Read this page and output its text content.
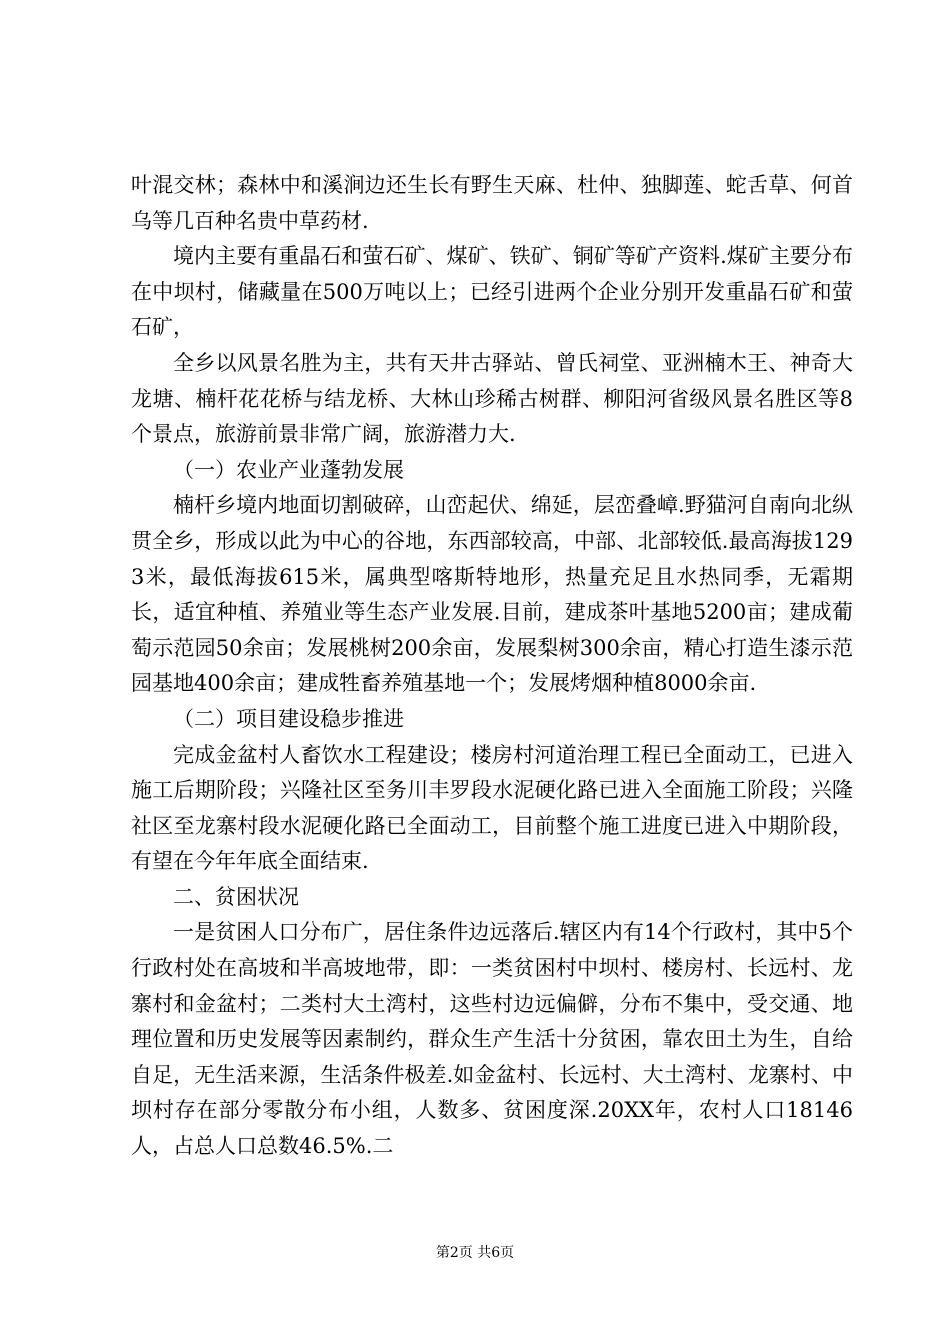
叶混交林；森林中和溪涧边还生长有野生天麻、杜仲、独脚莲、蛇舌草、何首乌等几百种名贵中草药材.

境内主要有重晶石和萤石矿、煤矿、铁矿、铜矿等矿产资料.煤矿主要分布在中坝村，储藏量在500万吨以上；已经引进两个企业分别开发重晶石矿和萤石矿，

全乡以风景名胜为主，共有天井古驿站、曾氏祠堂、亚洲楠木王、神奇大龙塘、楠杆花花桥与结龙桥、大林山珍稀古树群、柳阳河省级风景名胜区等8个景点，旅游前景非常广阔，旅游潜力大.

（一）农业产业蓬勃发展

楠杆乡境内地面切割破碎，山峦起伏、绵延，层峦叠嶂.野猫河自南向北纵贯全乡，形成以此为中心的谷地，东西部较高，中部、北部较低.最高海拔1293米，最低海拔615米，属典型喀斯特地形，热量充足且水热同季，无霜期长，适宜种植、养殖业等生态产业发展.目前，建成茶叶基地5200亩；建成葡萄示范园50余亩；发展桃树200余亩，发展梨树300余亩，精心打造生漆示范园基地400余亩；建成牲畜养殖基地一个；发展烤烟种植8000余亩.

（二）项目建设稳步推进

完成金盆村人畜饮水工程建设；楼房村河道治理工程已全面动工，已进入施工后期阶段；兴隆社区至务川丰罗段水泥硬化路已进入全面施工阶段；兴隆社区至龙寨村段水泥硬化路已全面动工，目前整个施工进度已进入中期阶段，有望在今年年底全面结束.

二、贫困状况

一是贫困人口分布广，居住条件边远落后.辖区内有14个行政村，其中5个行政村处在高坡和半高坡地带，即：一类贫困村中坝村、楼房村、长远村、龙寨村和金盆村；二类村大土湾村，这些村边远偏僻，分布不集中，受交通、地理位置和历史发展等因素制约，群众生产生活十分贫困，靠农田土为生，自给自足，无生活来源，生活条件极差.如金盆村、长远村、大土湾村、龙寨村、中坝村存在部分零散分布小组，人数多、贫困度深.20XX年，农村人口18146人，占总人口总数46.5%.二

第2页 共6页
